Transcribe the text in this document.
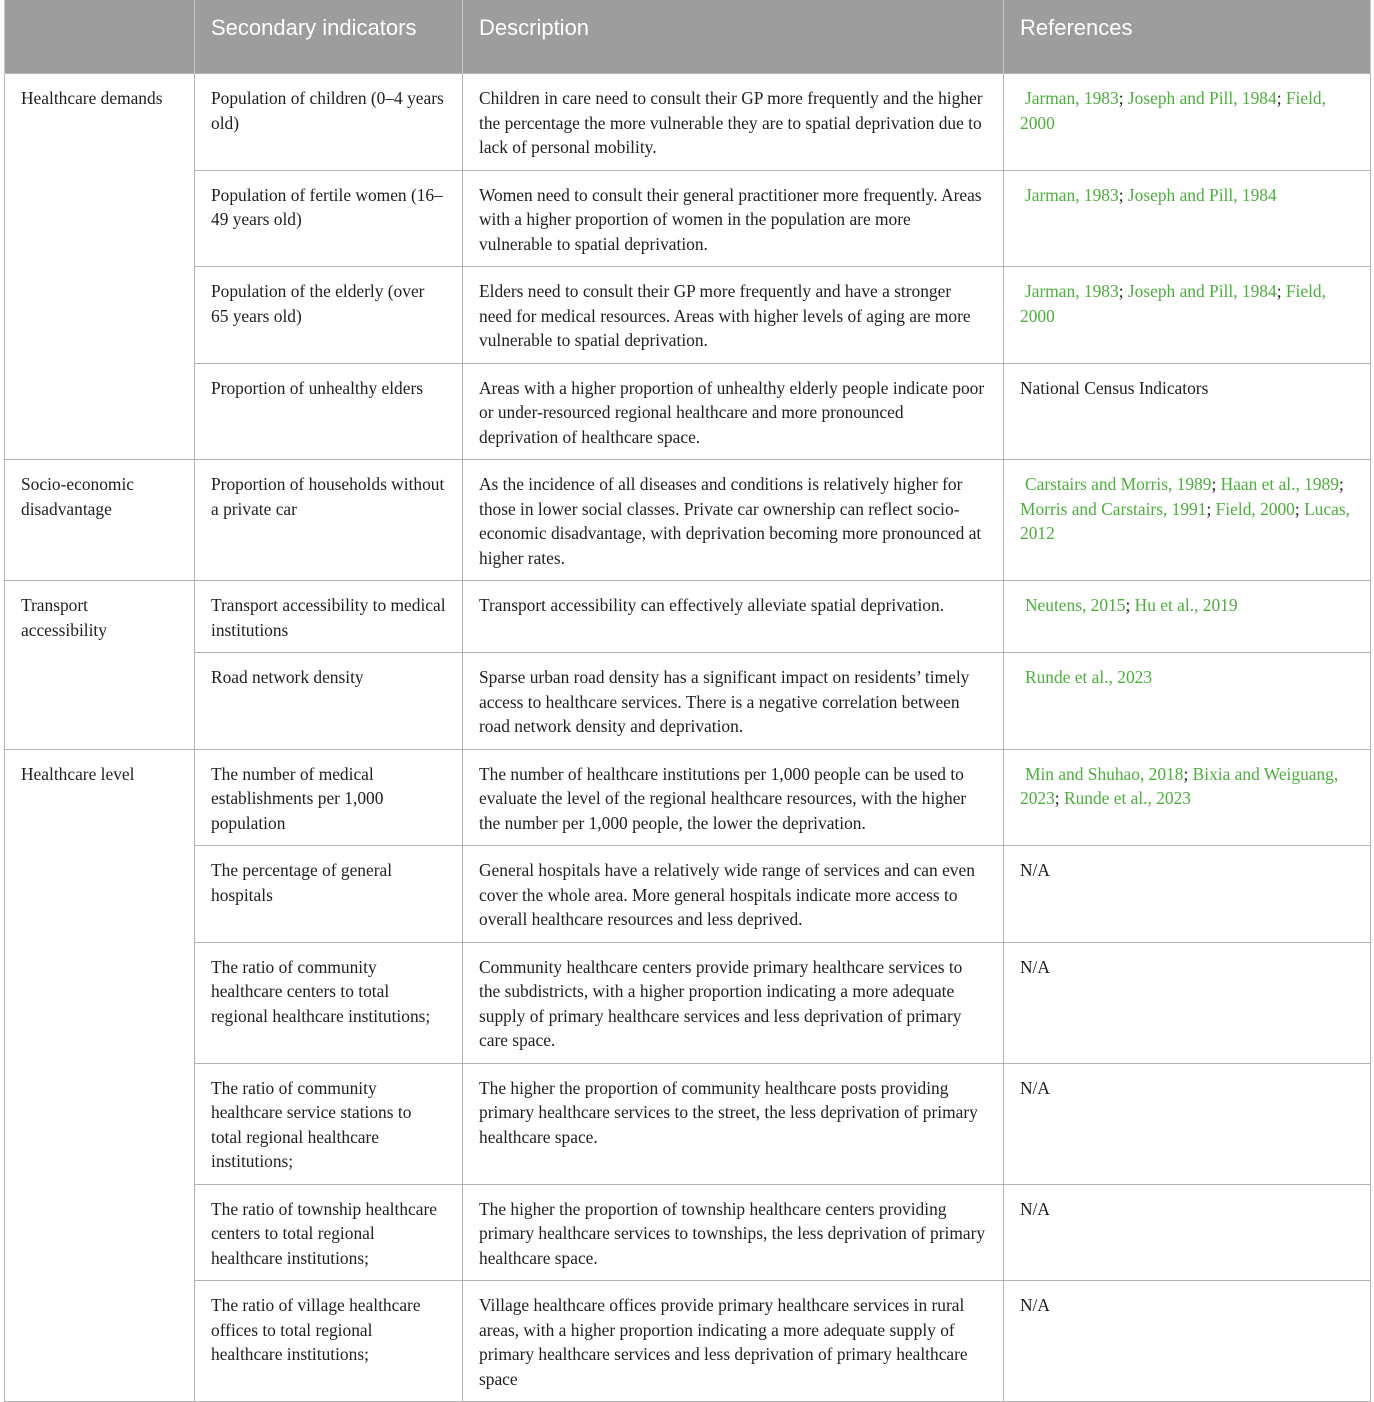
	Secondary indicators	Description	References
Healthcare demands	Population of children (0–4 years old)	Children in care need to consult their GP more frequently and the higher the percentage the more vulnerable they are to spatial deprivation due to lack of personal mobility.	Jarman, 1983; Joseph and Pill, 1984; Field, 2000
	Population of fertile women (16–49 years old)	Women need to consult their general practitioner more frequently. Areas with a higher proportion of women in the population are more vulnerable to spatial deprivation.	Jarman, 1983; Joseph and Pill, 1984
	Population of the elderly (over 65 years old)	Elders need to consult their GP more frequently and have a stronger need for medical resources. Areas with higher levels of aging are more vulnerable to spatial deprivation.	Jarman, 1983; Joseph and Pill, 1984; Field, 2000
	Proportion of unhealthy elders	Areas with a higher proportion of unhealthy elderly people indicate poor or under-resourced regional healthcare and more pronounced deprivation of healthcare space.	National Census Indicators
Socio-economic disadvantage	Proportion of households without a private car	As the incidence of all diseases and conditions is relatively higher for those in lower social classes. Private car ownership can reflect socio-economic disadvantage, with deprivation becoming more pronounced at higher rates.	Carstairs and Morris, 1989; Haan et al., 1989; Morris and Carstairs, 1991; Field, 2000; Lucas, 2012
Transport accessibility	Transport accessibility to medical institutions	Transport accessibility can effectively alleviate spatial deprivation.	Neutens, 2015; Hu et al., 2019
	Road network density	Sparse urban road density has a significant impact on residents’ timely access to healthcare services. There is a negative correlation between road network density and deprivation.	Runde et al., 2023
Healthcare level	The number of medical establishments per 1,000 population	The number of healthcare institutions per 1,000 people can be used to evaluate the level of the regional healthcare resources, with the higher the number per 1,000 people, the lower the deprivation.	Min and Shuhao, 2018; Bixia and Weiguang, 2023; Runde et al., 2023
	The percentage of general hospitals	General hospitals have a relatively wide range of services and can even cover the whole area. More general hospitals indicate more access to overall healthcare resources and less deprived.	N/A
	The ratio of community healthcare centers to total regional healthcare institutions;	Community healthcare centers provide primary healthcare services to the subdistricts, with a higher proportion indicating a more adequate supply of primary healthcare services and less deprivation of primary care space.	N/A
	The ratio of community healthcare service stations to total regional healthcare institutions;	The higher the proportion of community healthcare posts providing primary healthcare services to the street, the less deprivation of primary healthcare space.	N/A
	The ratio of township healthcare centers to total regional healthcare institutions;	The higher the proportion of township healthcare centers providing primary healthcare services to townships, the less deprivation of primary healthcare space.	N/A
	The ratio of village healthcare offices to total regional healthcare institutions;	Village healthcare offices provide primary healthcare services in rural areas, with a higher proportion indicating a more adequate supply of primary healthcare services and less deprivation of primary healthcare space	N/A
